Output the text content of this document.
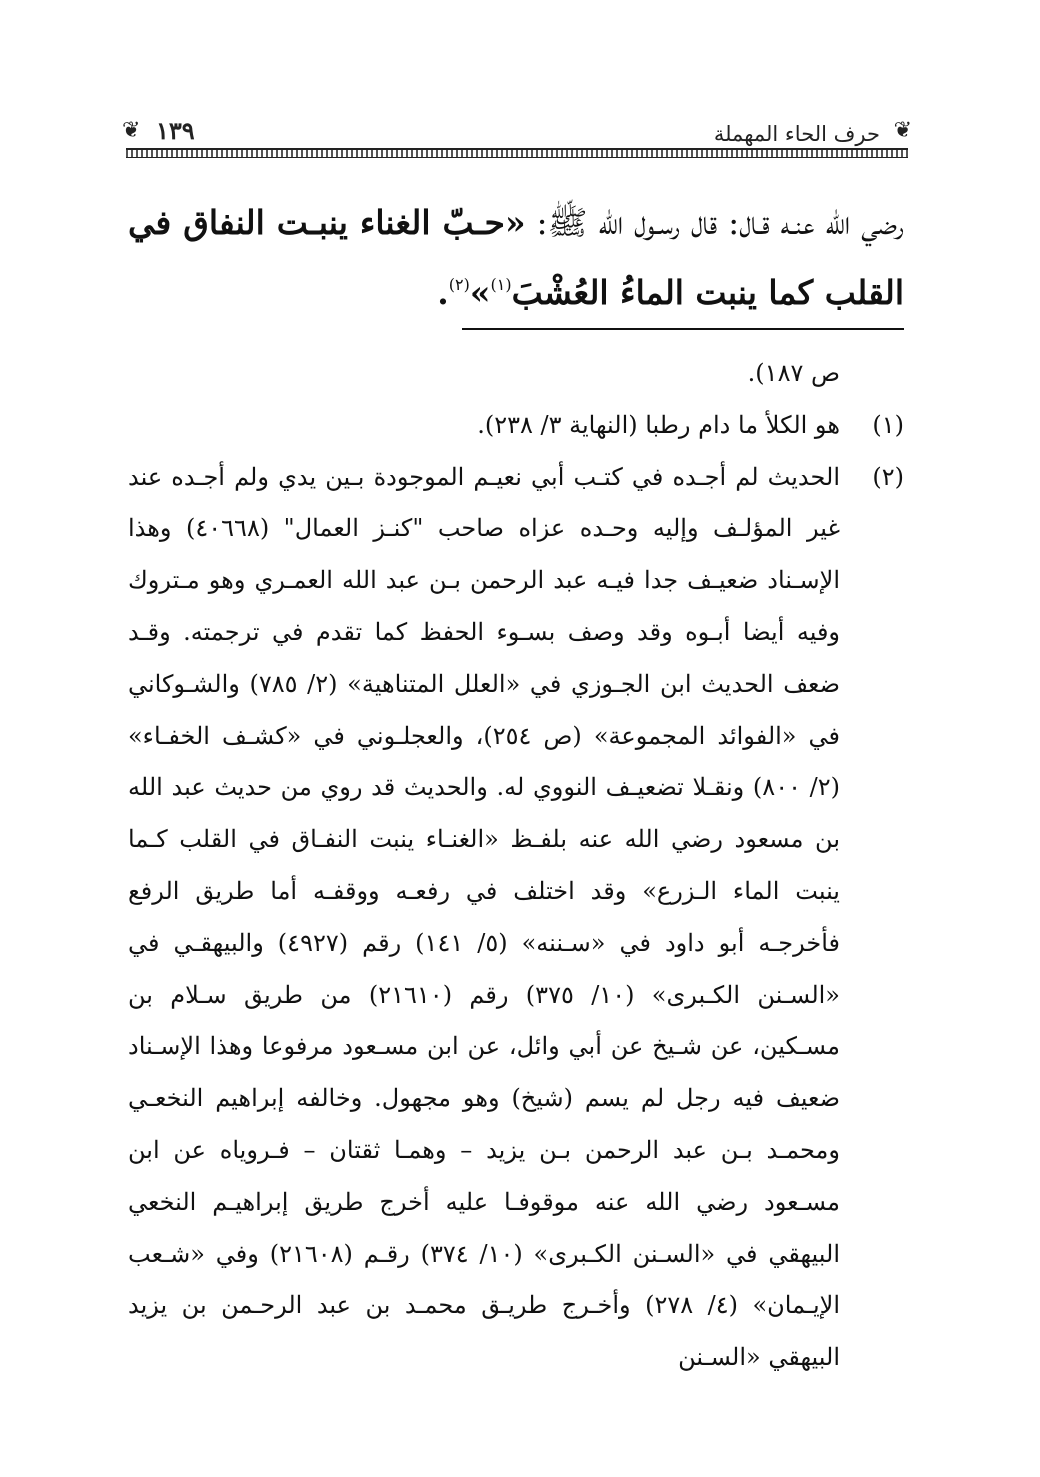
❦
حرف الحاء المهملة
١٣٩
❦
رضي الله عنـه قـال: قال رسـول الله ﷺ: «حـبّ الغناء ينبـت النفاق في القلب كما ينبت الماءُ العُشْبَ$^{(١)}$»$^{(٢)}$.
ص ١٨٧).
(١)
هو الكلأ ما دام رطبا (النهاية ٣/ ٢٣٨).
(٢)
الحديث لم أجـده في كتـب أبي نعيـم الموجودة بـين يدي ولم أجـده عند غير المؤلـف وإليه وحـده عزاه صاحب "كنـز العمال" (٤٠٦٦٨) وهذا الإسـناد ضعيـف جدا فيـه عبد الرحمن بـن عبد الله العمـري وهو مـتروك وفيه أيضا أبـوه وقد وصف بسـوء الحفظ كما تقدم في ترجمته. وقـد ضعف الحديث ابن الجـوزي في «العلل المتناهية» (٢/ ٧٨٥) والشـوكاني في «الفوائد المجموعة» (ص ٢٥٤)، والعجلـوني في «كشـف الخفـاء» (٢/ ٨٠٠) ونقـلا تضعيـف النووي له. والحديث قد روي من حديث عبد الله بن مسعود رضي الله عنه بلفـظ «الغنـاء ينبت النفـاق في القلب كـما ينبت الماء الـزرع» وقد اختلف في رفعـه ووقفـه أما طريق الرفع فأخرجـه أبو داود في «سـننه» (٥/ ١٤١) رقم (٤٩٢٧) والبيهقـي في «السـنن الكـبرى» (١٠/ ٣٧٥) رقم (٢١٦١٠) من طريق سـلام بن مسـكين، عن شـيخ عن أبي وائل، عن ابن مسـعود مرفوعا وهذا الإسـناد ضعيف فيه رجل لم يسم (شيخ) وهو مجهول. وخالفه إبراهيم النخعـي ومحمـد بـن عبد الرحمن بـن يزيد – وهمـا ثقتان – فـروياه عن ابن مسـعود رضي الله عنه موقوفـا عليه أخرج طريق إبراهيـم النخعي البيهقي في «السـنن الكـبرى» (١٠/ ٣٧٤) رقـم (٢١٦٠٨) وفي «شـعب الإيـمان» (٤/ ٢٧٨) وأخـرج طريـق محمـد بن عبد الرحـمن بن يزيد البيهقي «السـنن
